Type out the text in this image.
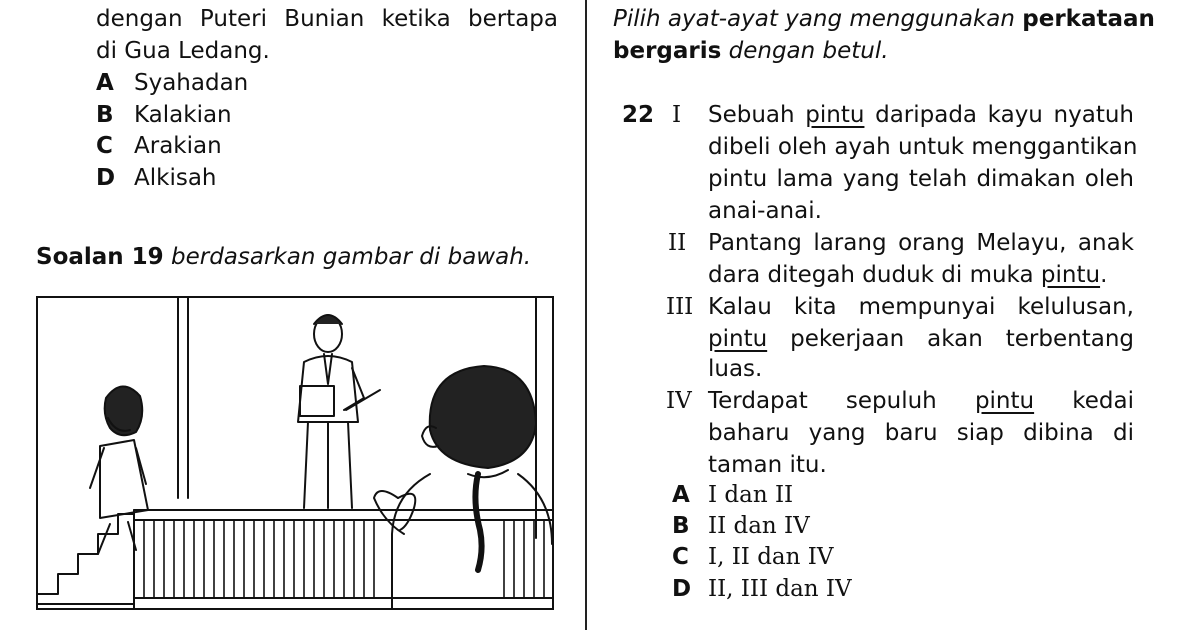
dengan Puteri Bunian ketika bertapa
di Gua Ledang.
A Syahadan
B Kalakian
C Arakian
D Alkisah
Soalan 19 berdasarkan gambar di bawah.
Pilih ayat-ayat yang menggunakan perkataan
bergaris dengan betul.
22 I Sebuah pintu daripada kayu nyatuh
dibeli oleh ayah untuk menggantikan
pintu lama yang telah dimakan oleh
anai-anai.
II Pantang larang orang Melayu, anak
dara ditegah duduk di muka pintu.
III Kalau kita mempunyai kelulusan,
pintu pekerjaan akan terbentang
luas.
IV Terdapat sepuluh pintu kedai
baharu yang baru siap dibina di
taman itu.
A I dan II
B II dan IV
C I, II dan IV
D II, III dan IV
